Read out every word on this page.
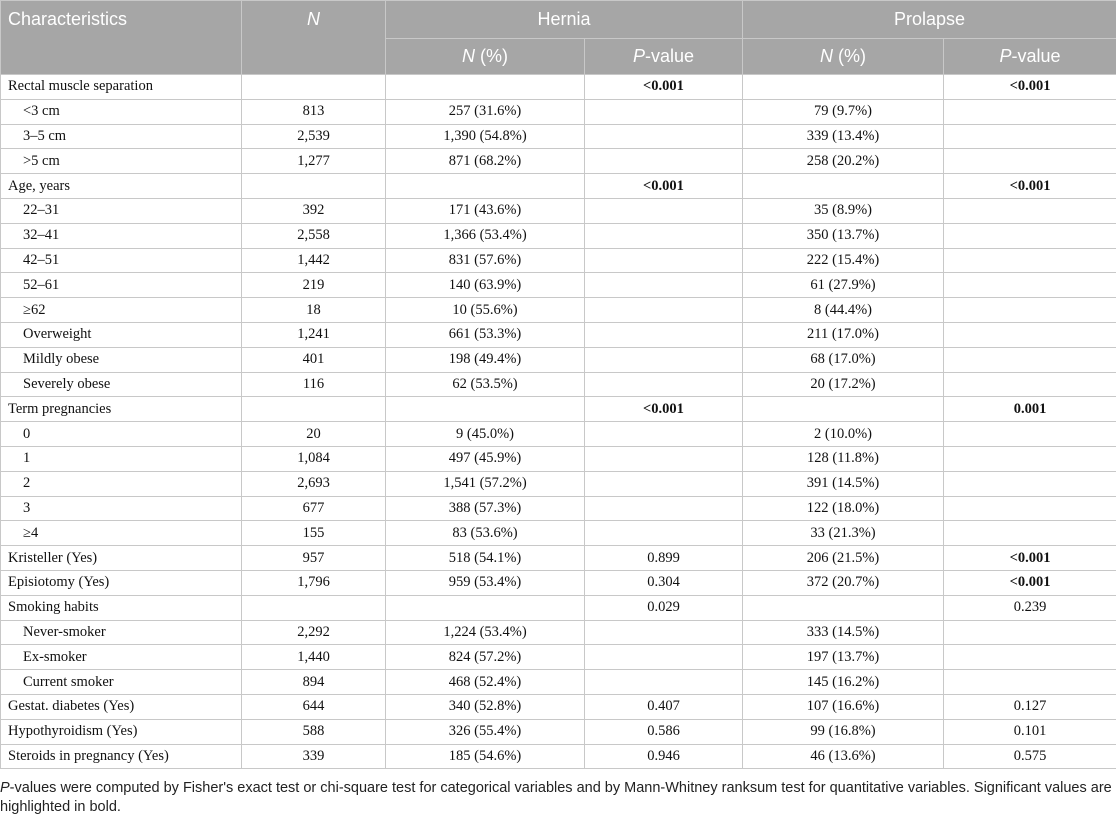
Characteristics	N	Hernia		Prolapse	
		N (%)	P-value	N (%)	P-value
Rectal muscle separation			<0.001		<0.001
<3 cm	813	257 (31.6%)		79 (9.7%)	
3–5 cm	2,539	1,390 (54.8%)		339 (13.4%)	
>5 cm	1,277	871 (68.2%)		258 (20.2%)	
Age, years			<0.001		<0.001
22–31	392	171 (43.6%)		35 (8.9%)	
32–41	2,558	1,366 (53.4%)		350 (13.7%)	
42–51	1,442	831 (57.6%)		222 (15.4%)	
52–61	219	140 (63.9%)		61 (27.9%)	
≥62	18	10 (55.6%)		8 (44.4%)	
Overweight	1,241	661 (53.3%)		211 (17.0%)	
Mildly obese	401	198 (49.4%)		68 (17.0%)	
Severely obese	116	62 (53.5%)		20 (17.2%)	
Term pregnancies			<0.001		0.001
0	20	9 (45.0%)		2 (10.0%)	
1	1,084	497 (45.9%)		128 (11.8%)	
2	2,693	1,541 (57.2%)		391 (14.5%)	
3	677	388 (57.3%)		122 (18.0%)	
≥4	155	83 (53.6%)		33 (21.3%)	
Kristeller (Yes)	957	518 (54.1%)	0.899	206 (21.5%)	<0.001
Episiotomy (Yes)	1,796	959 (53.4%)	0.304	372 (20.7%)	<0.001
Smoking habits			0.029		0.239
Never-smoker	2,292	1,224 (53.4%)		333 (14.5%)	
Ex-smoker	1,440	824 (57.2%)		197 (13.7%)	
Current smoker	894	468 (52.4%)		145 (16.2%)	
Gestat. diabetes (Yes)	644	340 (52.8%)	0.407	107 (16.6%)	0.127
Hypothyroidism (Yes)	588	326 (55.4%)	0.586	99 (16.8%)	0.101
Steroids in pregnancy (Yes)	339	185 (54.6%)	0.946	46 (13.6%)	0.575
P-values were computed by Fisher's exact test or chi-square test for categorical variables and by Mann-Whitney ranksum test for quantitative variables. Significant values are highlighted in bold.
